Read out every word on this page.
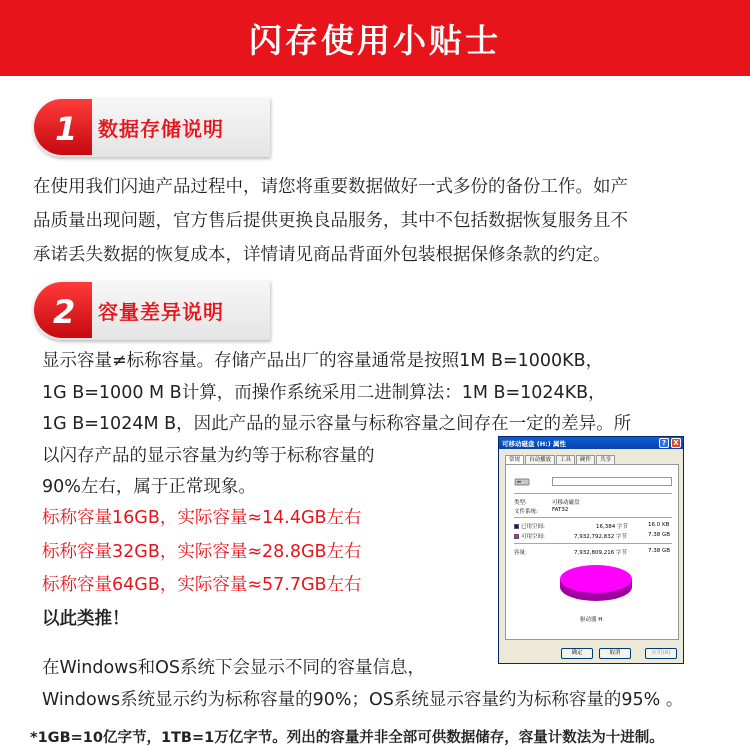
闪存使用小贴士
1 数据存储说明
在使用我们闪迪产品过程中，请您将重要数据做好一式多份的备份工作。如产
品质量出现问题，官方售后提供更换良品服务，其中不包括数据恢复服务且不
承诺丢失数据的恢复成本，详情请见商品背面外包装根据保修条款的约定。
2 容量差异说明
显示容量≠标称容量。存储产品出厂的容量通常是按照1M B=1000KB，
1G B=1000 M B计算，而操作系统采用二进制算法：1M B=1024KB，
1G B=1024M B，因此产品的显示容量与标称容量之间存在一定的差异。所
以闪存产品的显示容量为约等于标称容量的
90%左右，属于正常现象。
标称容量16GB，实际容量≈14.4GB左右
标称容量32GB，实际容量≈28.8GB左右
标称容量64GB，实际容量≈57.7GB左右
以此类推！
在Windows和OS系统下会显示不同的容量信息，
Windows系统显示约为标称容量的90%；OS系统显示容量约为标称容量的95% 。
*1GB=10亿字节，1TB=1万亿字节。列出的容量并非全部可供数据储存，容量计数法为十进制。
可移动磁盘 (H:) 属性	?	X
常规	自动播放	工具	硬件	共享
类型:	可移动磁盘
文件系统:	FAT32
已用空间:	16,384 字节	16.0 KB
可用空间:	7,932,792,832 字节	7.38 GB
容量:	7,932,809,216 字节	7.38 GB
驱动器 H
确定	取消	应用(A)
